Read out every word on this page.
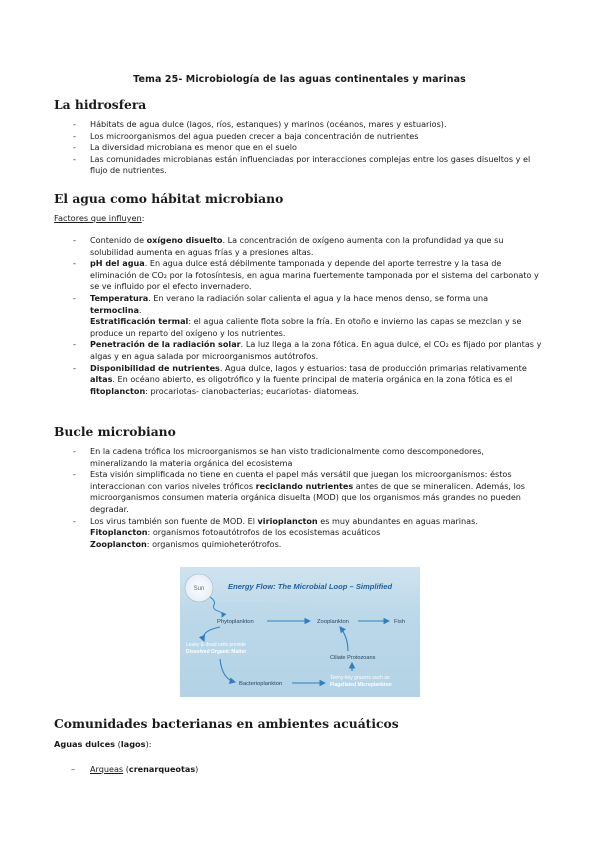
Tema 25- Microbiología de las aguas continentales y marinas
La hidrosfera
- Hábitats de agua dulce (lagos, ríos, estanques) y marinos (océanos, mares y estuarios).
- Los microorganismos del agua pueden crecer a baja concentración de nutrientes
- La diversidad microbiana es menor que en el suelo
- Las comunidades microbianas están influenciadas por interacciones complejas entre los gases disueltos y el flujo de nutrientes.
El agua como hábitat microbiano
Factores que influyen:
- Contenido de oxígeno disuelto. La concentración de oxígeno aumenta con la profundidad ya que su solubilidad aumenta en aguas frías y a presiones altas.
- pH del agua. En agua dulce está débilmente tamponada y depende del aporte terrestre y la tasa de eliminación de CO₂ por la fotosíntesis, en agua marina fuertemente tamponada por el sistema del carbonato y se ve influido por el efecto invernadero.
- Temperatura. En verano la radiación solar calienta el agua y la hace menos denso, se forma una termoclina.
Estratificación termal: el agua caliente flota sobre la fría. En otoño e invierno las capas se mezclan y se produce un reparto del oxígeno y los nutrientes.
- Penetración de la radiación solar. La luz llega a la zona fótica. En agua dulce, el CO₂ es fijado por plantas y algas y en agua salada por microorganismos autótrofos.
- Disponibilidad de nutrientes. Agua dulce, lagos y estuarios: tasa de producción primarias relativamente altas. En océano abierto, es oligotrófico y la fuente principal de materia orgánica en la zona fótica es el fitoplancton: procariotas- cianobacterias; eucariotas- diatomeas.
Bucle microbiano
- En la cadena trófica los microorganismos se han visto tradicionalmente como descomponedores, mineralizando la materia orgánica del ecosistema
- Esta visión simplificada no tiene en cuenta el papel más versátil que juegan los microorganismos: éstos interaccionan con varios niveles tróficos reciclando nutrientes antes de que se mineralicen. Además, los microorganismos consumen materia orgánica disuelta (MOD) que los organismos más grandes no pueden degradar.
- Los virus también son fuente de MOD. El virioplancton es muy abundantes en aguas marinas.
Fitoplancton: organismos fotoautótrofos de los ecosistemas acuáticos
Zooplancton: organismos quimioheterótrofos.
Sun	Energy Flow: The Microbial Loop – Simplified
Phytoplankton	Zooplankton	Fish
Leaky & dead cells provide
Dissolved Organic Matter
Ciliate Protozoans
Bacterioplankton
Teeny-tiny grazers such as
Flagellated Microplankton
Comunidades bacterianas en ambientes acuáticos
Aguas dulces (lagos):
– Arqueas (crenarqueotas)
